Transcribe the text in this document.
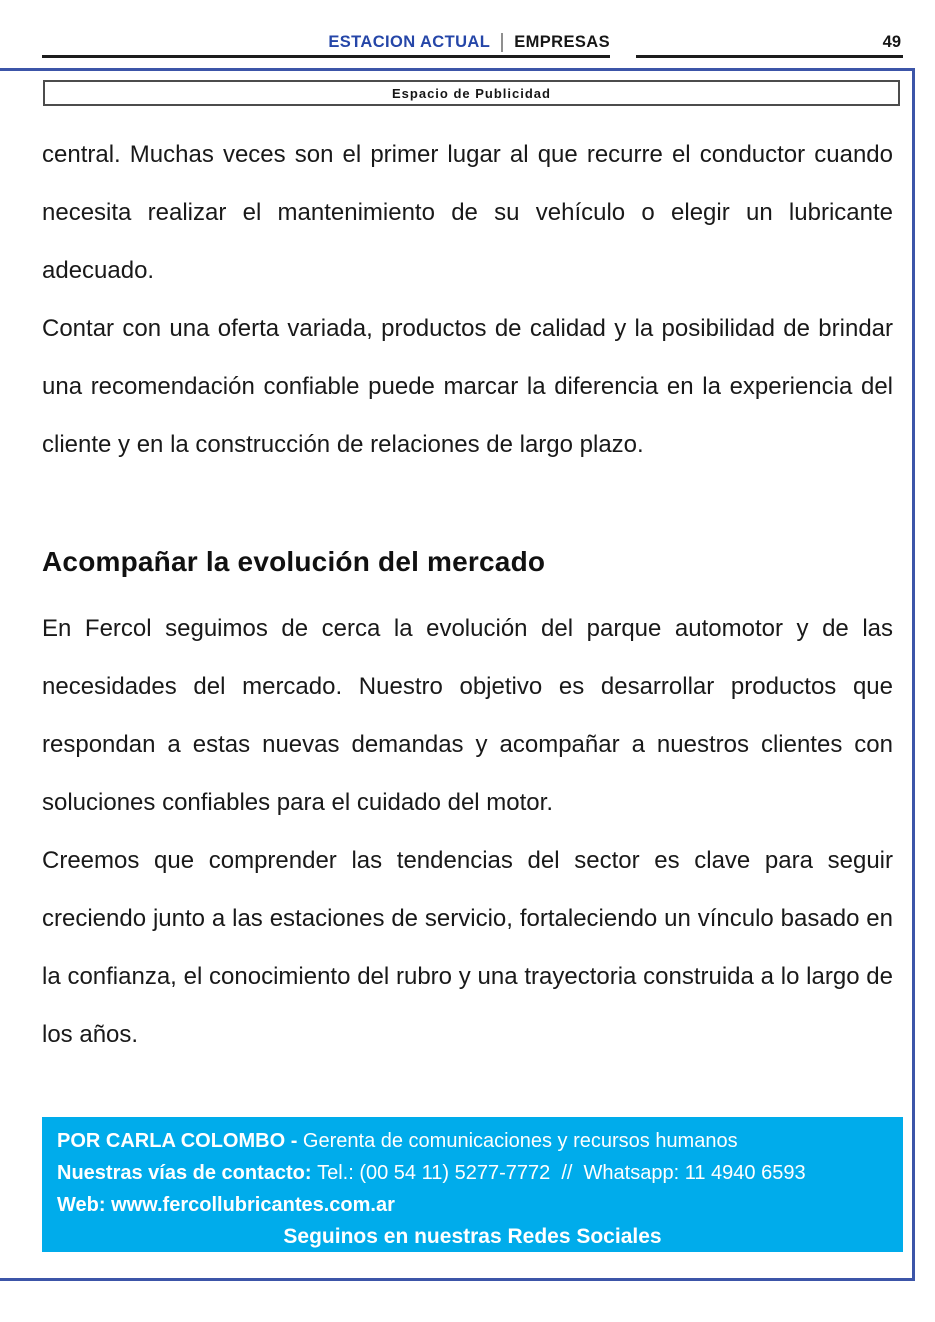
ESTACION ACTUAL EMPRESAS	49
Espacio de Publicidad

central. Muchas veces son el primer lugar al que recurre el conductor cuando necesita realizar el mantenimiento de su vehículo o elegir un lubricante adecuado.

Contar con una oferta variada, productos de calidad y la posibilidad de brindar una recomendación confiable puede marcar la diferencia en la experiencia del cliente y en la construcción de relaciones de largo plazo.

Acompañar la evolución del mercado

En Fercol seguimos de cerca la evolución del parque automotor y de las necesidades del mercado. Nuestro objetivo es desarrollar productos que respondan a estas nuevas demandas y acompañar a nuestros clientes con soluciones confiables para el cuidado del motor.

Creemos que comprender las tendencias del sector es clave para seguir creciendo junto a las estaciones de servicio, fortaleciendo un vínculo basado en la confianza, el conocimiento del rubro y una trayectoria construida a lo largo de los años.

POR CARLA COLOMBO - Gerenta de comunicaciones y recursos humanos
Nuestras vías de contacto: Tel.: (00 54 11) 5277-7772  //  Whatsapp: 11 4940 6593
Web: www.fercollubricantes.com.ar
Seguinos en nuestras Redes Sociales
